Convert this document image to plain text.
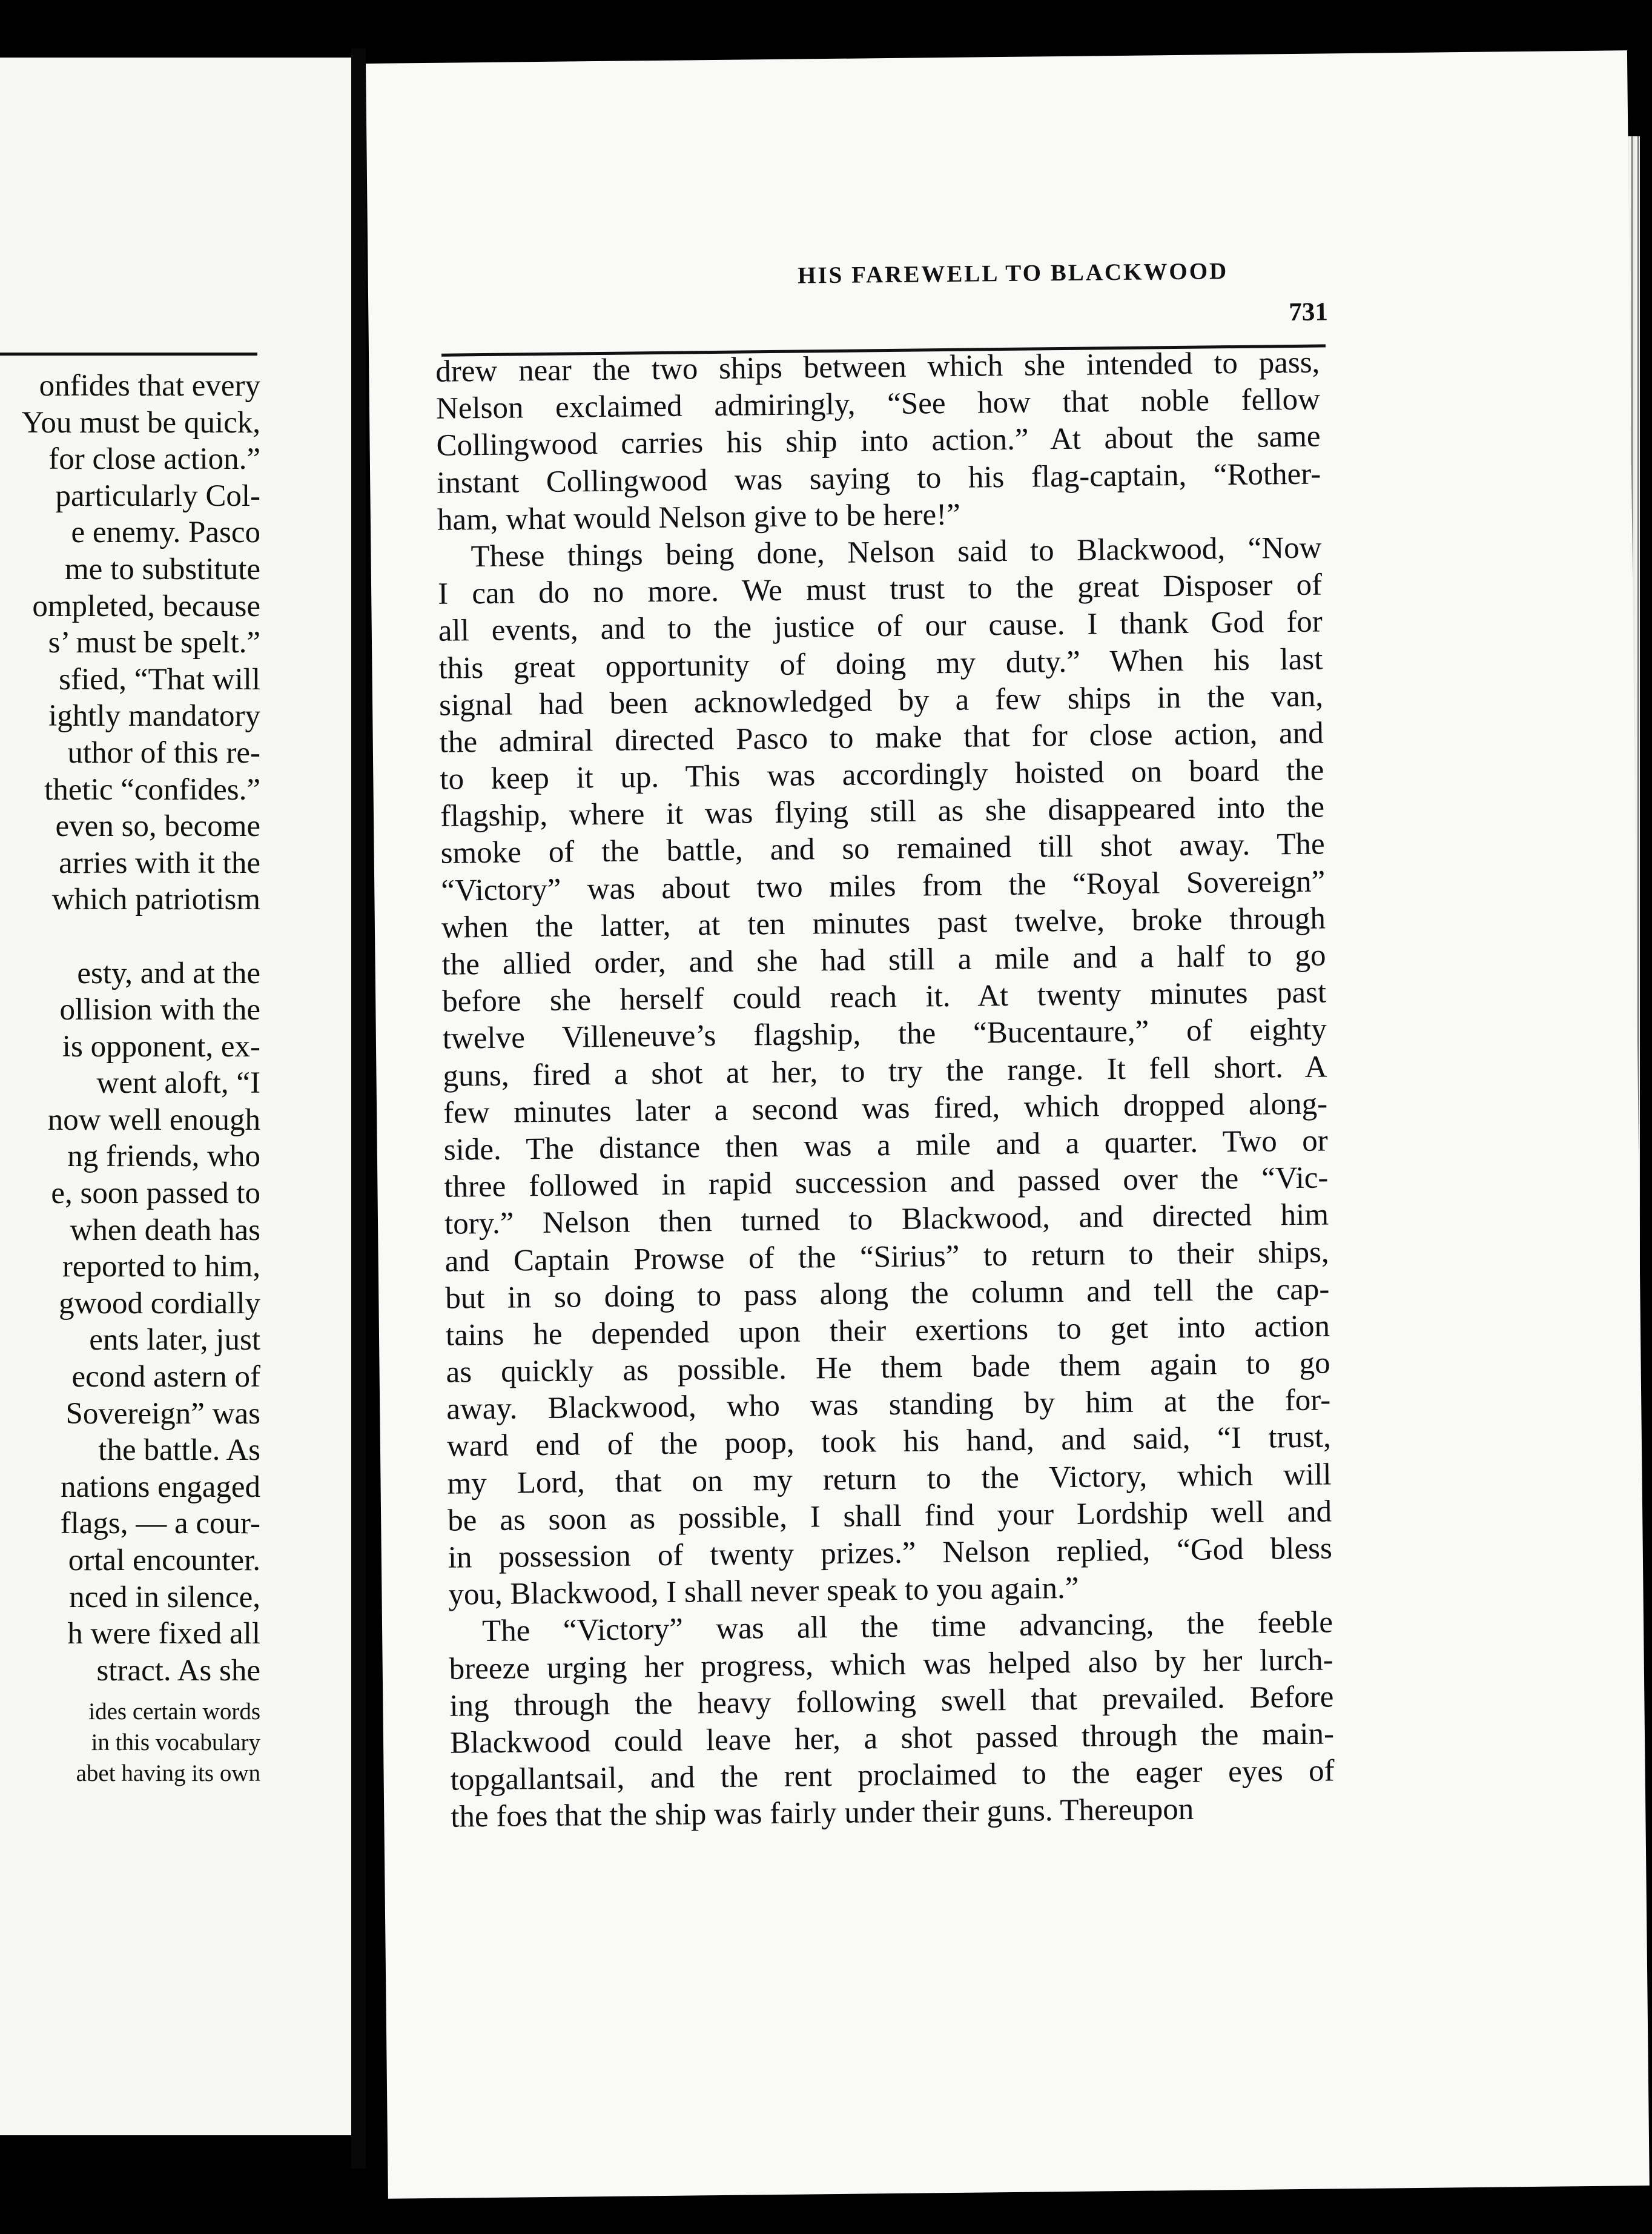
onfides that every
You must be quick,
for close action.”
particularly Col-
e enemy. Pasco
me to substitute
ompleted, because
s’ must be spelt.”
sfied, “That will
ightly mandatory
uthor of this re-
thetic “confides.”
even so, become
arries with it the
which patriotism
esty, and at the
ollision with the
is opponent, ex-
went aloft, “I
now well enough
ng friends, who
e, soon passed to
when death has
reported to him,
gwood cordially
ents later, just
econd astern of
Sovereign” was
the battle. As
nations engaged
flags, — a cour-
ortal encounter.
nced in silence,
h were fixed all
stract. As she
ides certain words
in this vocabulary
abet having its own
HIS FAREWELL TO BLACKWOOD
731
drew near the two ships between which she intended to pass,
Nelson exclaimed admiringly, “See how that noble fellow
Collingwood carries his ship into action.” At about the same
instant Collingwood was saying to his flag-captain, “Rother-
ham, what would Nelson give to be here!”
These things being done, Nelson said to Blackwood, “Now
I can do no more. We must trust to the great Disposer of
all events, and to the justice of our cause. I thank God for
this great opportunity of doing my duty.” When his last
signal had been acknowledged by a few ships in the van,
the admiral directed Pasco to make that for close action, and
to keep it up. This was accordingly hoisted on board the
flagship, where it was flying still as she disappeared into the
smoke of the battle, and so remained till shot away. The
“Victory” was about two miles from the “Royal Sovereign”
when the latter, at ten minutes past twelve, broke through
the allied order, and she had still a mile and a half to go
before she herself could reach it. At twenty minutes past
twelve Villeneuve’s flagship, the “Bucentaure,” of eighty
guns, fired a shot at her, to try the range. It fell short. A
few minutes later a second was fired, which dropped along-
side. The distance then was a mile and a quarter. Two or
three followed in rapid succession and passed over the “Vic-
tory.” Nelson then turned to Blackwood, and directed him
and Captain Prowse of the “Sirius” to return to their ships,
but in so doing to pass along the column and tell the cap-
tains he depended upon their exertions to get into action
as quickly as possible. He them bade them again to go
away. Blackwood, who was standing by him at the for-
ward end of the poop, took his hand, and said, “I trust,
my Lord, that on my return to the Victory, which will
be as soon as possible, I shall find your Lordship well and
in possession of twenty prizes.” Nelson replied, “God bless
you, Blackwood, I shall never speak to you again.”
The “Victory” was all the time advancing, the feeble
breeze urging her progress, which was helped also by her lurch-
ing through the heavy following swell that prevailed. Before
Blackwood could leave her, a shot passed through the main-
topgallantsail, and the rent proclaimed to the eager eyes of
the foes that the ship was fairly under their guns. Thereupon
